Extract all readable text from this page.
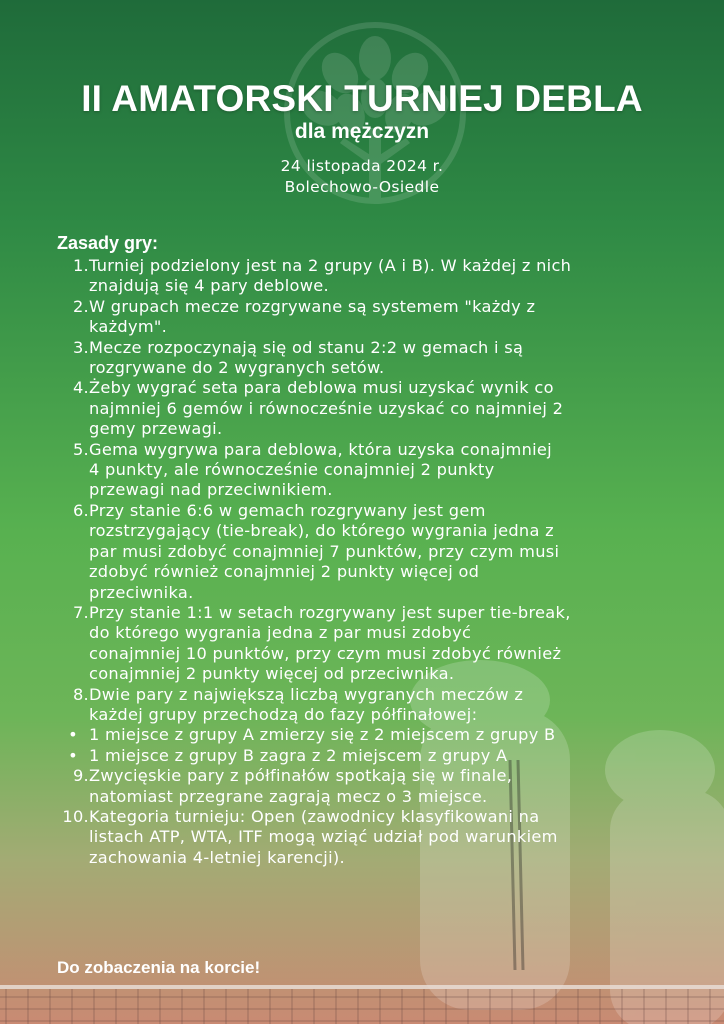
II AMATORSKI TURNIEJ DEBLA
dla mężczyzn
24 listopada 2024 r.
Bolechowo-Osiedle
Zasady gry:
1. Turniej podzielony jest na 2 grupy (A i B). W każdej z nich
znajdują się 4 pary deblowe.
2. W grupach mecze rozgrywane są systemem "każdy z
każdym".
3. Mecze rozpoczynają się od stanu 2:2 w gemach i są
rozgrywane do 2 wygranych setów.
4. Żeby wygrać seta para deblowa musi uzyskać wynik co
najmniej 6 gemów i równocześnie uzyskać co najmniej 2
gemy przewagi.
5. Gema wygrywa para deblowa, która uzyska conajmniej
4 punkty, ale równocześnie conajmniej 2 punkty
przewagi nad przeciwnikiem.
6. Przy stanie 6:6 w gemach rozgrywany jest gem
rozstrzygający (tie-break), do którego wygrania jedna z
par musi zdobyć conajmniej 7 punktów, przy czym musi
zdobyć również conajmniej 2 punkty więcej od
przeciwnika.
7. Przy stanie 1:1 w setach rozgrywany jest super tie-break,
do którego wygrania jedna z par musi zdobyć
conajmniej 10 punktów, przy czym musi zdobyć również
conajmniej 2 punkty więcej od przeciwnika.
8. Dwie pary z największą liczbą wygranych meczów z
każdej grupy przechodzą do fazy półfinałowej:
• 1 miejsce z grupy A zmierzy się z 2 miejscem z grupy B
• 1 miejsce z grupy B zagra z 2 miejscem z grupy A
9. Zwycięskie pary z półfinałów spotkają się w finale,
natomiast przegrane zagrają mecz o 3 miejsce.
10. Kategoria turnieju: Open (zawodnicy klasyfikowani na
listach ATP, WTA, ITF mogą wziąć udział pod warunkiem
zachowania 4-letniej karencji).
Do zobaczenia na korcie!
